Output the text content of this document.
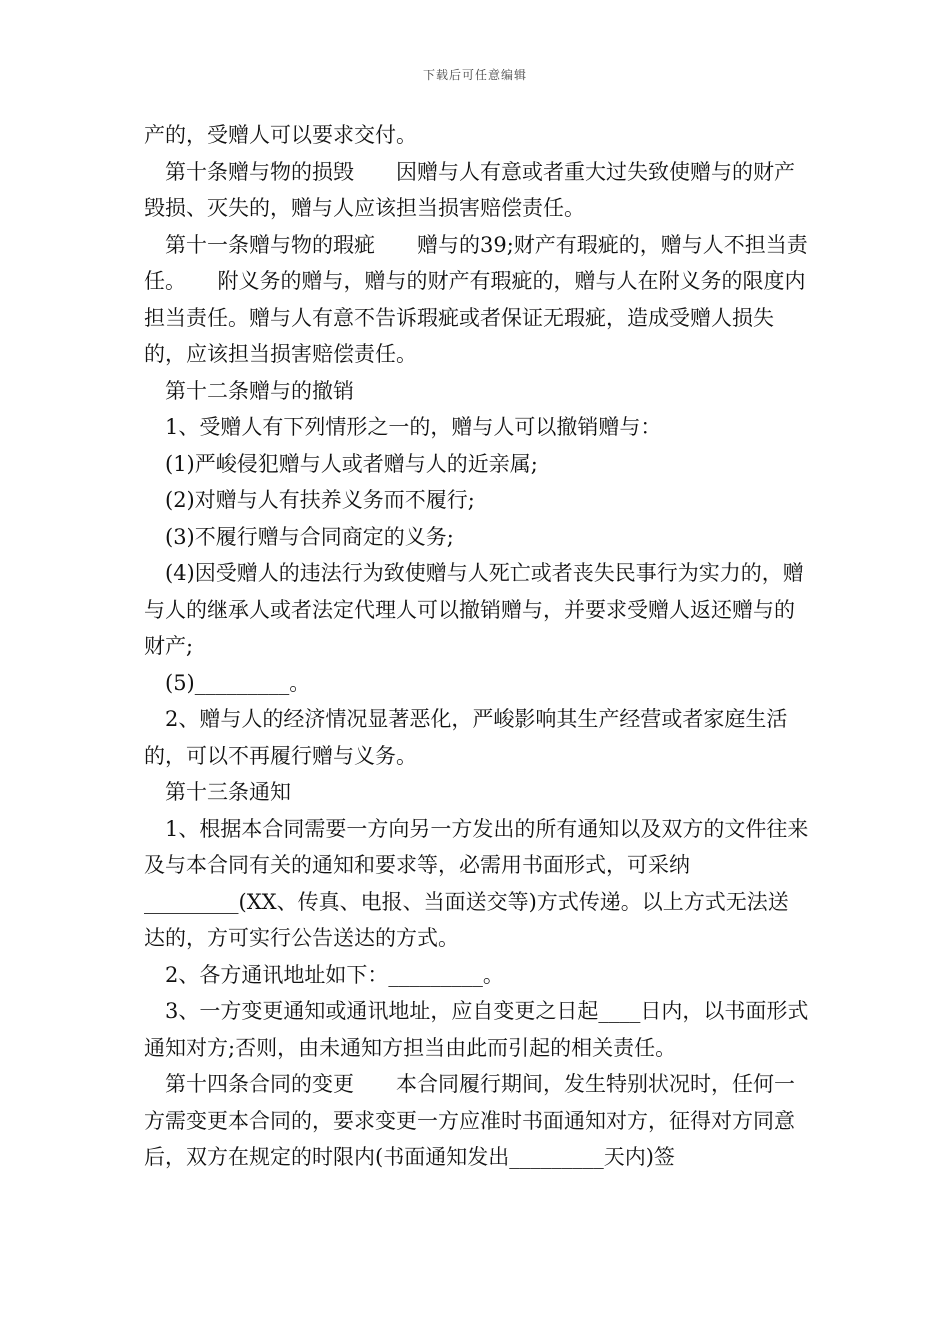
下载后可任意编辑

产的，受赠人可以要求交付。

第十条赠与物的损毁　　因赠与人有意或者重大过失致使赠与的财产毁损、灭失的，赠与人应该担当损害赔偿责任。

第十一条赠与物的瑕疵　　赠与的39;财产有瑕疵的，赠与人不担当责任。　　附义务的赠与，赠与的财产有瑕疵的，赠与人在附义务的限度内担当责任。赠与人有意不告诉瑕疵或者保证无瑕疵，造成受赠人损失的，应该担当损害赔偿责任。

第十二条赠与的撤销

1、受赠人有下列情形之一的，赠与人可以撤销赠与：

(1)严峻侵犯赠与人或者赠与人的近亲属;

(2)对赠与人有扶养义务而不履行;

(3)不履行赠与合同商定的义务;

(4)因受赠人的违法行为致使赠与人死亡或者丧失民事行为实力的，赠与人的继承人或者法定代理人可以撤销赠与，并要求受赠人返还赠与的财产;

(5)_________。

2、赠与人的经济情况显著恶化，严峻影响其生产经营或者家庭生活的，可以不再履行赠与义务。

第十三条通知

1、根据本合同需要一方向另一方发出的所有通知以及双方的文件往来及与本合同有关的通知和要求等，必需用书面形式，可采纳_________(XX、传真、电报、当面送交等)方式传递。以上方式无法送达的，方可实行公告送达的方式。

2、各方通讯地址如下：_________。

3、一方变更通知或通讯地址，应自变更之日起____日内，以书面形式通知对方;否则，由未通知方担当由此而引起的相关责任。

第十四条合同的变更　　本合同履行期间，发生特别状况时，任何一方需变更本合同的，要求变更一方应准时书面通知对方，征得对方同意后，双方在规定的时限内(书面通知发出_________天内)签
